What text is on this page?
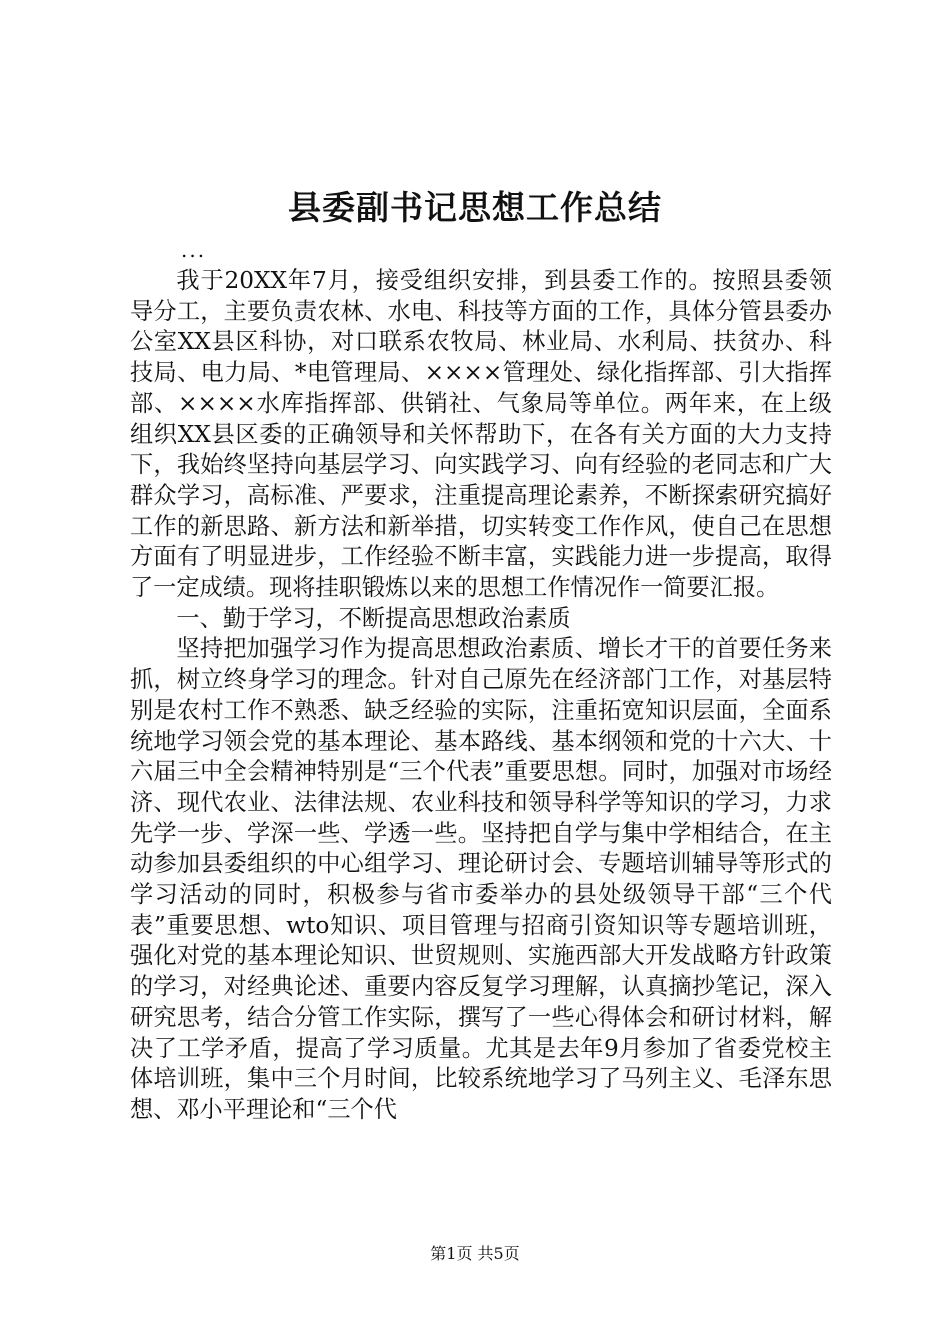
县委副书记思想工作总结
...

我于20XX年7月，接受组织安排，到县委工作的。按照县委领导分工，主要负责农林、水电、科技等方面的工作，具体分管县委办公室XX县区科协，对口联系农牧局、林业局、水利局、扶贫办、科技局、电力局、*电管理局、××××管理处、绿化指挥部、引大指挥部、××××水库指挥部、供销社、气象局等单位。两年来，在上级组织XX县区委的正确领导和关怀帮助下，在各有关方面的大力支持下，我始终坚持向基层学习、向实践学习、向有经验的老同志和广大群众学习，高标准、严要求，注重提高理论素养，不断探索研究搞好工作的新思路、新方法和新举措，切实转变工作作风，使自己在思想方面有了明显进步，工作经验不断丰富，实践能力进一步提高，取得了一定成绩。现将挂职锻炼以来的思想工作情况作一简要汇报。

一、勤于学习，不断提高思想政治素质

坚持把加强学习作为提高思想政治素质、增长才干的首要任务来抓，树立终身学习的理念。针对自己原先在经济部门工作，对基层特别是农村工作不熟悉、缺乏经验的实际，注重拓宽知识层面，全面系统地学习领会党的基本理论、基本路线、基本纲领和党的十六大、十六届三中全会精神特别是“三个代表”重要思想。同时，加强对市场经济、现代农业、法律法规、农业科技和领导科学等知识的学习，力求先学一步、学深一些、学透一些。坚持把自学与集中学相结合，在主动参加县委组织的中心组学习、理论研讨会、专题培训辅导等形式的学习活动的同时，积极参与省市委举办的县处级领导干部“三个代表”重要思想、wto知识、项目管理与招商引资知识等专题培训班，强化对党的基本理论知识、世贸规则、实施西部大开发战略方针政策的学习，对经典论述、重要内容反复学习理解，认真摘抄笔记，深入研究思考，结合分管工作实际，撰写了一些心得体会和研讨材料，解决了工学矛盾，提高了学习质量。尤其是去年9月参加了省委党校主体培训班，集中三个月时间，比较系统地学习了马列主义、毛泽东思想、邓小平理论和“三个代

第1页 共5页
